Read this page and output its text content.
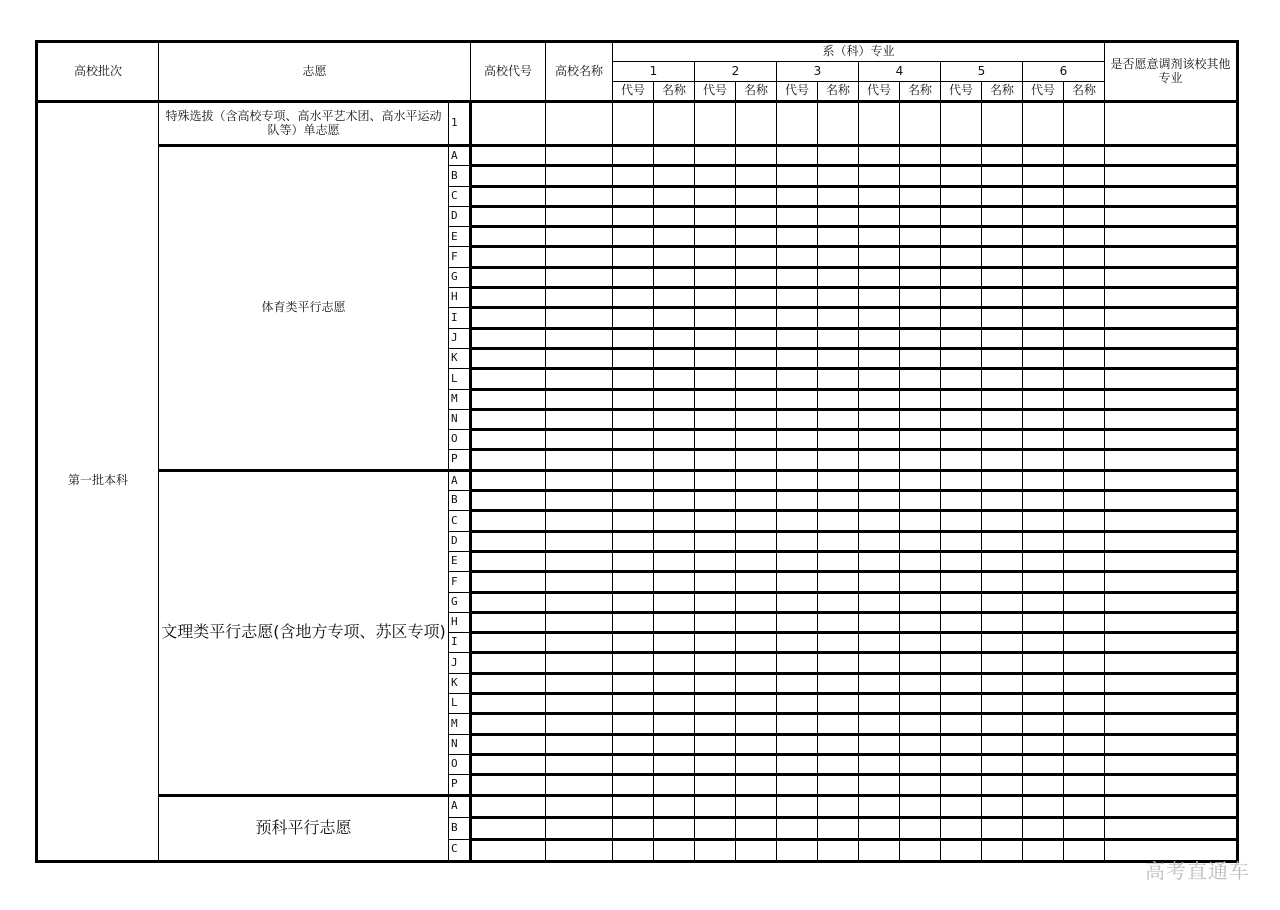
高校批次	志愿		高校代号	高校名称	系（科）专业												是否愿意调剂该校其他专业
					1		2		3		4		5		6		
					代号	名称	代号	名称	代号	名称	代号	名称	代号	名称	代号	名称	
第一批本科	特殊选拔（含高校专项、高水平艺术团、高水平运动队等）单志愿	1															
	体育类平行志愿	A															
		B															
		C															
		D															
		E															
		F															
		G															
		H															
		I															
		J															
		K															
		L															
		M															
		N															
		O															
		P															
	文理类平行志愿(含地方专项、苏区专项)	A															
		B															
		C															
		D															
		E															
		F															
		G															
		H															
		I															
		J															
		K															
		L															
		M															
		N															
		O															
		P															
	预科平行志愿	A															
		B															
		C															
高考直通车
